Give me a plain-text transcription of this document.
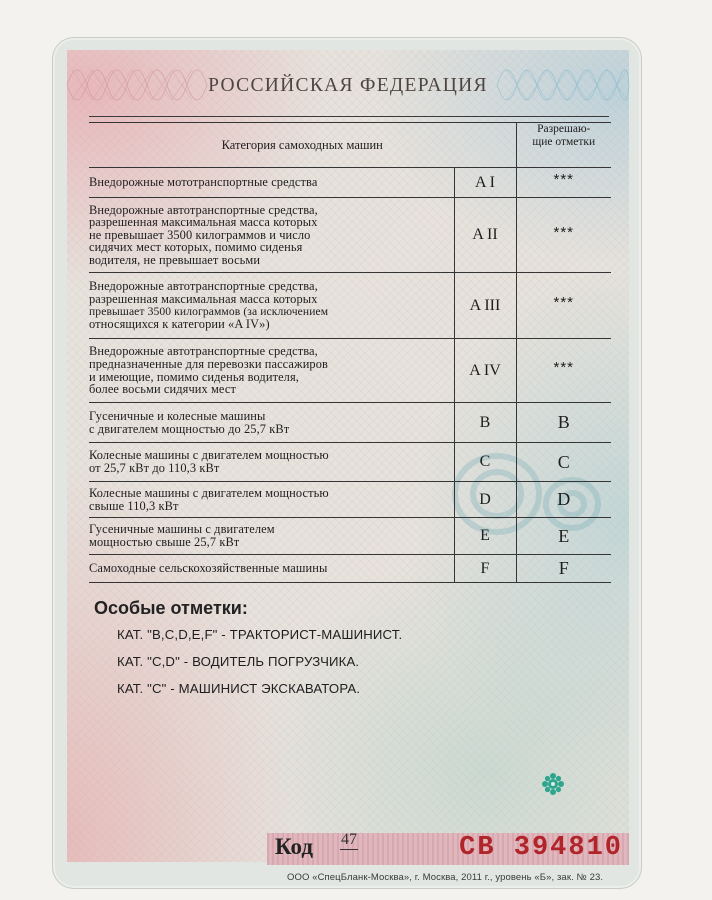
РОССИЙСКАЯ ФЕДЕРАЦИЯ
Категория самоходных машин		Разрешаю-
щие отметки

Внедорожные мототранспортные средства	A I	***

Внедорожные автотранспортные средства,
разрешенная максимальная масса которых
не превышает 3500 килограммов и число
сидячих мест которых, помимо сиденья
водителя, не превышает восьми	A II	***

Внедорожные автотранспортные средства,
разрешенная максимальная масса которых
превышает 3500 килограммов (за исключением
относящихся к категории «A IV»)	A III	***

Внедорожные автотранспортные средства,
предназначенные для перевозки пассажиров
и имеющие, помимо сиденья водителя,
более восьми сидячих мест	A IV	***

Гусеничные и колесные машины
с двигателем мощностью до 25,7 кВт	B	B

Колесные машины с двигателем мощностью
от 25,7 кВт до 110,3 кВт	C	C

Колесные машины с двигателем мощностью
свыше 110,3 кВт	D	D

Гусеничные машины с двигателем
мощностью свыше 25,7 кВт	E	E

Самоходные сельскохозяйственные машины	F	F
Особые отметки:
КАТ. "B,C,D,E,F" - ТРАКТОРИСТ-МАШИНИСТ.
КАТ. "C,D" - ВОДИТЕЛЬ ПОГРУЗЧИКА.
КАТ. "С" - МАШИНИСТ ЭКСКАВАТОРА.
Код 47	CB 394810
ООО «СпецБланк-Москва», г. Москва, 2011 г., уровень «Б», зак. № 23.
